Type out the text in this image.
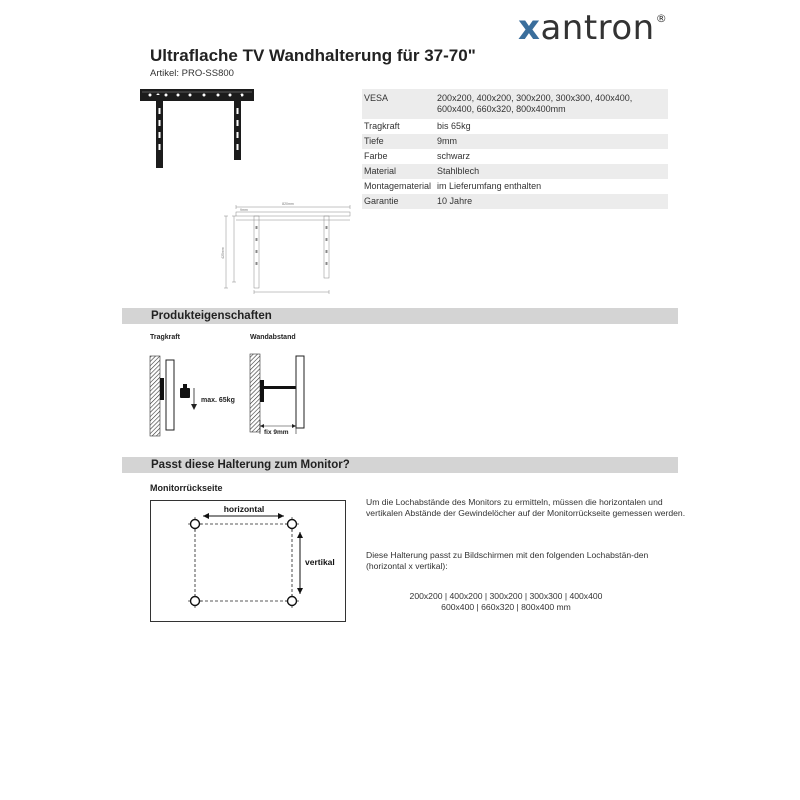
xantron®
Ultraflache TV Wandhalterung für 37-70"
Artikel: PRO-SS800
VESA	200x200, 400x200, 300x200, 300x300, 400x400, 600x400, 660x320, 800x400mm
Tragkraft	bis 65kg
Tiefe	9mm
Farbe	schwarz
Material	Stahlblech
Montagematerial	im Lieferumfang enthalten
Garantie	10 Jahre
820mm
9mm
425mm
Produkteigenschaften
Tragkraft	Wandabstand
max. 65kg
fix 9mm
Passt diese Halterung zum Monitor?
Monitorrückseite
horizontal
vertikal
Um die Lochabstände des Monitors zu ermitteln, müssen die horizontalen und vertikalen Abstände der Gewindelöcher auf der Monitorrückseite gemessen werden.
Diese Halterung passt zu Bildschirmen mit den folgenden Lochabstän-den (horizontal x vertikal):
200x200 | 400x200 | 300x200 | 300x300 | 400x400
600x400 | 660x320 | 800x400 mm
